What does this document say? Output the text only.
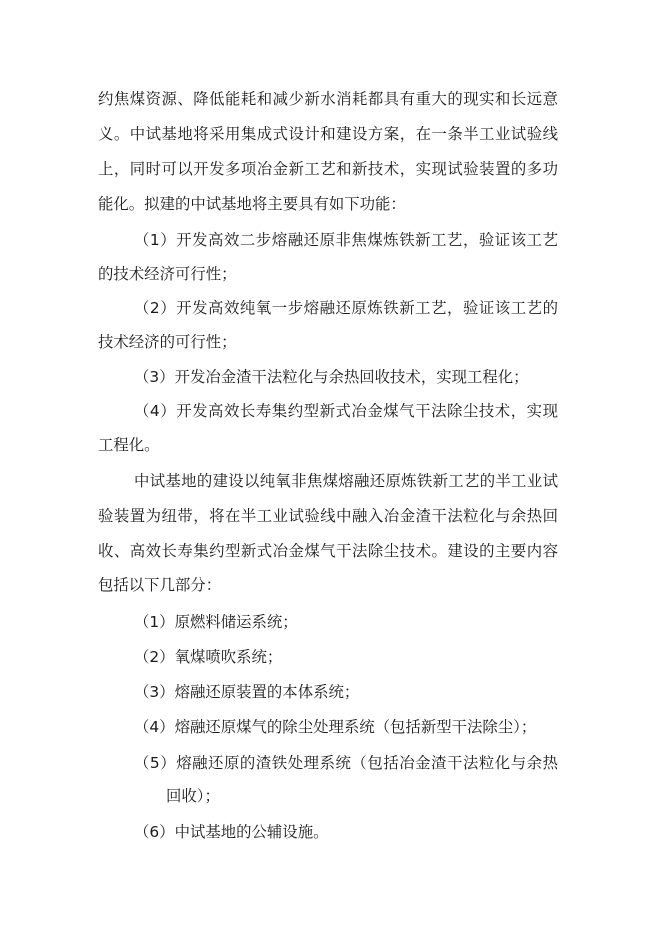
约焦煤资源、降低能耗和减少新水消耗都具有重大的现实和长远意
义。中试基地将采用集成式设计和建设方案，在一条半工业试验线
上，同时可以开发多项冶金新工艺和新技术，实现试验装置的多功
能化。拟建的中试基地将主要具有如下功能：
（1）开发高效二步熔融还原非焦煤炼铁新工艺，验证该工艺
的技术经济可行性；
（2）开发高效纯氧一步熔融还原炼铁新工艺，验证该工艺的
技术经济的可行性；
（3）开发冶金渣干法粒化与余热回收技术，实现工程化；
（4）开发高效长寿集约型新式冶金煤气干法除尘技术，实现
工程化。
中试基地的建设以纯氧非焦煤熔融还原炼铁新工艺的半工业试
验装置为纽带，将在半工业试验线中融入冶金渣干法粒化与余热回
收、高效长寿集约型新式冶金煤气干法除尘技术。建设的主要内容
包括以下几部分：
（1）原燃料储运系统；
（2）氧煤喷吹系统；
（3）熔融还原装置的本体系统；
（4）熔融还原煤气的除尘处理系统（包括新型干法除尘）；
（5）熔融还原的渣铁处理系统（包括冶金渣干法粒化与余热
回收）；
（6）中试基地的公辅设施。
